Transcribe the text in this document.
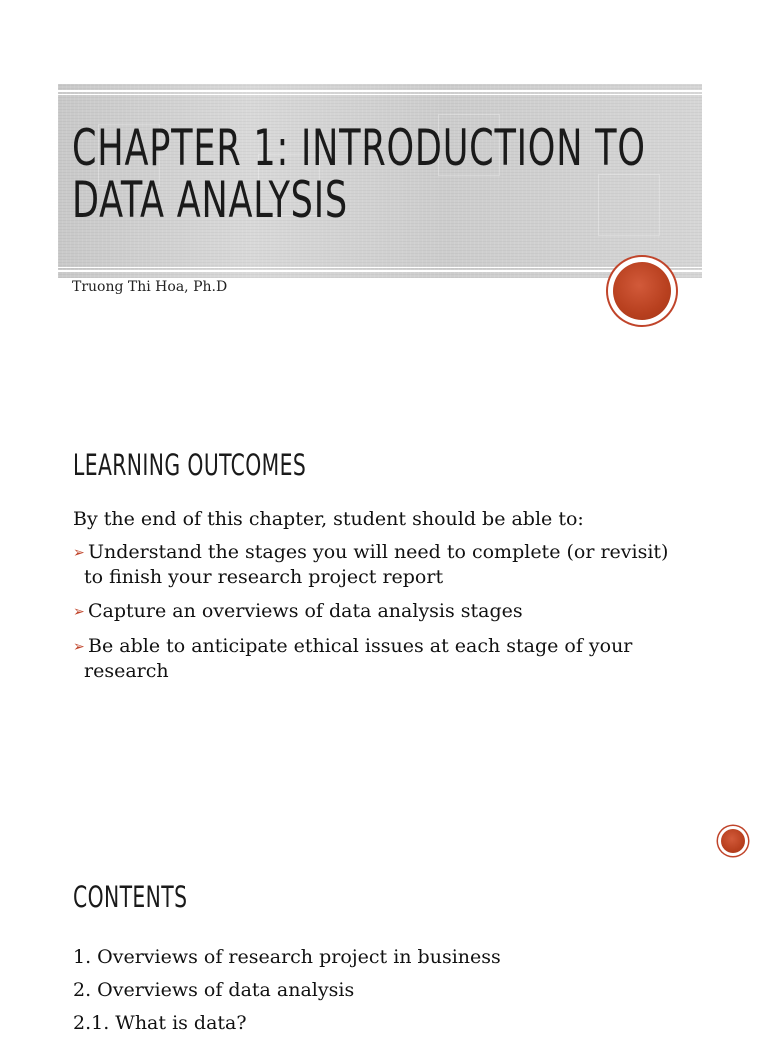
CHAPTER 1: INTRODUCTION TO DATA ANALYSIS
Truong Thi Hoa, Ph.D
LEARNING OUTCOMES

By the end of this chapter, student should be able to:

➢ Understand the stages you will need to complete (or revisit) to finish your research project report
➢ Capture an overviews of data analysis stages
➢ Be able to anticipate ethical issues at each stage of your research
CONTENTS
1. Overviews of research project in business
2. Overviews of data analysis
2.1. What is data?
